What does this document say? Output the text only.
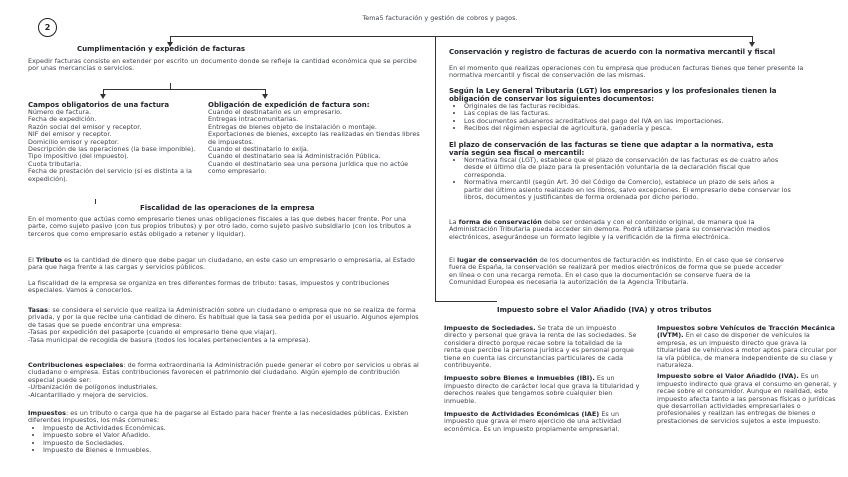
2
Tema5 facturación y gestión de cobros y pagos.
Cumplimentación y expedición de facturas
Expedir facturas consiste en extender por escrito un documento donde se refleje la cantidad económica que se percibe por unas mercancías o servicios.
Campos obligatorios de una factura
Número de factura.
Fecha de expedición.
Razón social del emisor y receptor.
NIF del emisor y receptor.
Domicilio emisor y receptor.
Descripción de las operaciones (la base imponible).
Tipo impositivo (del impuesto).
Cuota tributaria.
Fecha de prestación del servicio (si es distinta a la expedición).
Obligación de expedición de factura son:
Cuando el destinatario es un empresario.
Entregas intracomunitarias.
Entregas de bienes objeto de instalación o montaje.
Exportaciones de bienes, excepto las realizadas en tiendas libres de impuestos.
Cuando el destinatario lo exija.
Cuando el destinatario sea la Administración Pública.
Cuando el destinatario sea una persona jurídica que no actúe como empresario.
Fiscalidad de las operaciones de la empresa
En el momento que actúas como empresario tienes unas obligaciones fiscales a las que debes hacer frente. Por una parte, como sujeto pasivo (con tus propios tributos) y por otro lado, como sujeto pasivo subsidiario (con los tributos a terceros que como empresario estás obligado a retener y liquidar).
El Tributo es la cantidad de dinero que debe pagar un ciudadano, en este caso un empresario o empresaria, al Estado para que haga frente a las cargas y servicios públicos.
La fiscalidad de la empresa se organiza en tres diferentes formas de tributo: tasas, impuestos y contribuciones especiales. Vamos a conocerlos.
Tasas: se considera el servicio que realiza la Administración sobre un ciudadano o empresa que no se realiza de forma privada, y por la que recibe una cantidad de dinero. Es habitual que la tasa sea pedida por el usuario. Algunos ejemplos de tasas que se puede encontrar una empresa:
-Tasas por expedición del pasaporte (cuando el empresario tiene que viajar).
-Tasa municipal de recogida de basura (todos los locales pertenecientes a la empresa).
Contribuciones especiales: de forma extraordinaria la Administración puede generar el cobro por servicios u obras al ciudadano o empresa. Estas contribuciones favorecen el patrimonio del ciudadano. Algún ejemplo de contribución especial puede ser:
-Urbanización de polígonos industriales.
-Alcantarillado y mejora de servicios.
Impuestos: es un tributo o carga que ha de pagarse al Estado para hacer frente a las necesidades públicas. Existen diferentes impuestos, los más comunes:
• Impuesto de Actividades Económicas.
• Impuesto sobre el Valor Añadido.
• Impuesto de Sociedades.
• Impuesto de Bienes e Inmuebles.
Conservación y registro de facturas de acuerdo con la normativa mercantil y fiscal
En el momento que realizas operaciones con tu empresa que producen facturas tienes que tener presente la normativa mercantil y fiscal de conservación de las mismas.
Según la Ley General Tributaria (LGT) los empresarios y los profesionales tienen la obligación de conservar los siguientes documentos:
• Originales de las facturas recibidas.
• Las copias de las facturas.
• Los documentos aduaneros acreditativos del pago del IVA en las importaciones.
• Recibos del régimen especial de agricultura, ganadería y pesca.
El plazo de conservación de las facturas se tiene que adaptar a la normativa, esta varía según sea fiscal o mercantil:
• Normativa fiscal (LGT), establece que el plazo de conservación de las facturas es de cuatro años desde el último día de plazo para la presentación voluntaria de la declaración fiscal que corresponda.
• Normativa mercantil (según Art. 30 del Código de Comercio), establece un plazo de seis años a partir del último asiento realizado en los libros, salvo excepciones. El empresario debe conservar los libros, documentos y justificantes de forma ordenada por dicho periodo.
La forma de conservación debe ser ordenada y con el contenido original, de manera que la Administración Tributaria pueda acceder sin demora. Podrá utilizarse para su conservación medios electrónicos, asegurándose un formato legible y la verificación de la firma electrónica.
El lugar de conservación de los documentos de facturación es indistinto. En el caso que se conserve fuera de España, la conservación se realizará por medios electrónicos de forma que se puede acceder en línea o con una recarga remota. En el caso que la documentación se conserve fuera de la Comunidad Europea es necesaria la autorización de la Agencia Tributaria.
Impuesto sobre el Valor Añadido (IVA) y otros tributos
Impuesto de Sociedades. Se trata de un impuesto directo y personal que grava la renta de las sociedades. Se considera directo porque recae sobre la totalidad de la renta que percibe la persona jurídica y es personal porque tiene en cuenta las circunstancias particulares de cada contribuyente.
Impuesto sobre Bienes e Inmuebles (IBI). Es un impuesto directo de carácter local que grava la titularidad y derechos reales que tengamos sobre cualquier bien inmueble.
Impuesto de Actividades Económicas (IAE) Es un impuesto que grava el mero ejercicio de una actividad económica. Es un impuesto propiamente empresarial.
Impuestos sobre Vehículos de Tracción Mecánica (IVTM). En el caso de disponer de vehículos la empresa, es un impuesto directo que grava la titularidad de vehículos a motor aptos para circular por la vía pública, de manera independiente de su clase y naturaleza.
Impuesto sobre el Valor Añadido (IVA). Es un impuesto indirecto que grava el consumo en general, y recae sobre el consumidor. Aunque en realidad, este impuesto afecta tanto a las personas físicas o jurídicas que desarrollan actividades empresariales o profesionales y realizan las entregas de bienes o prestaciones de servicios sujetos a este impuesto.
